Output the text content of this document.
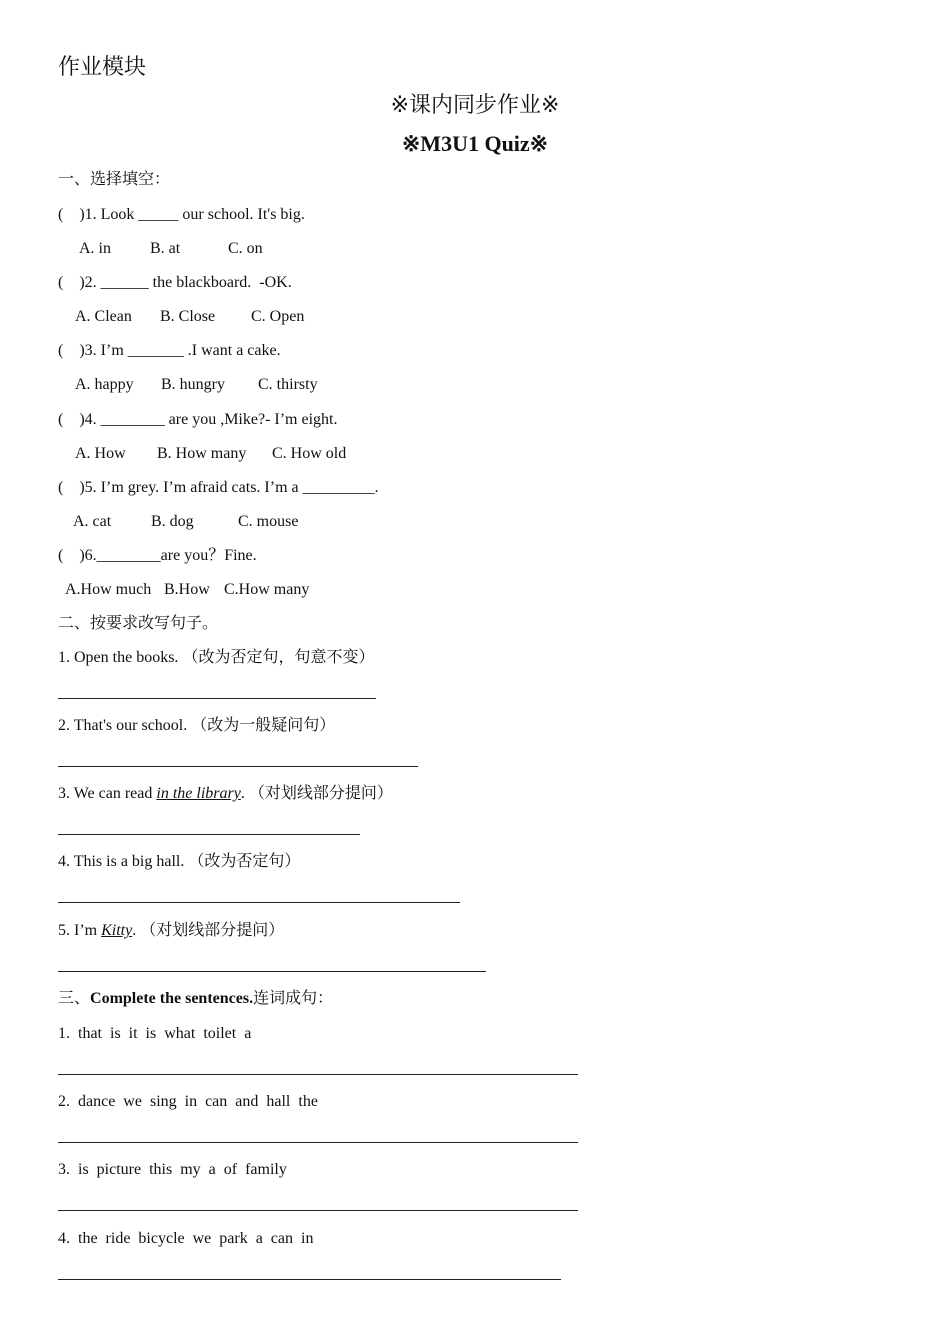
作业模块
※课内同步作业※
※M3U1 Quiz※
一、选择填空：
(    )1. Look _____ our school. It's big.
A. in B. at	C. on
(    )2. ______ the blackboard.  -OK.
A. Clean B. Close C. Open
(    )3. I’m _______ .I want a cake.
A. happy B. hungry C. thirsty
(    )4. ________ are you ,Mike?- I’m eight.
A. How B. How many C. How old
(    )5. I’m grey. I’m afraid cats. I’m a _________.
A. cat B. dog	C. mouse
(    )6.________are you？Fine.
A.How much B.How C.How many
二、按要求改写句子。
1. Open the books. （改为否定句，句意不变）
2. That's our school. （改为一般疑问句）
3. We can read in the library. （对划线部分提问）
4. This is a big hall. （改为否定句）
5. I’m Kitty. （对划线部分提问）
三、Complete the sentences.连词成句：
1.  that  is  it  is  what  toilet  a
2.  dance  we  sing  in  can  and  hall  the
3.  is  picture  this  my  a  of  family
4.  the  ride  bicycle  we  park  a  can  in
